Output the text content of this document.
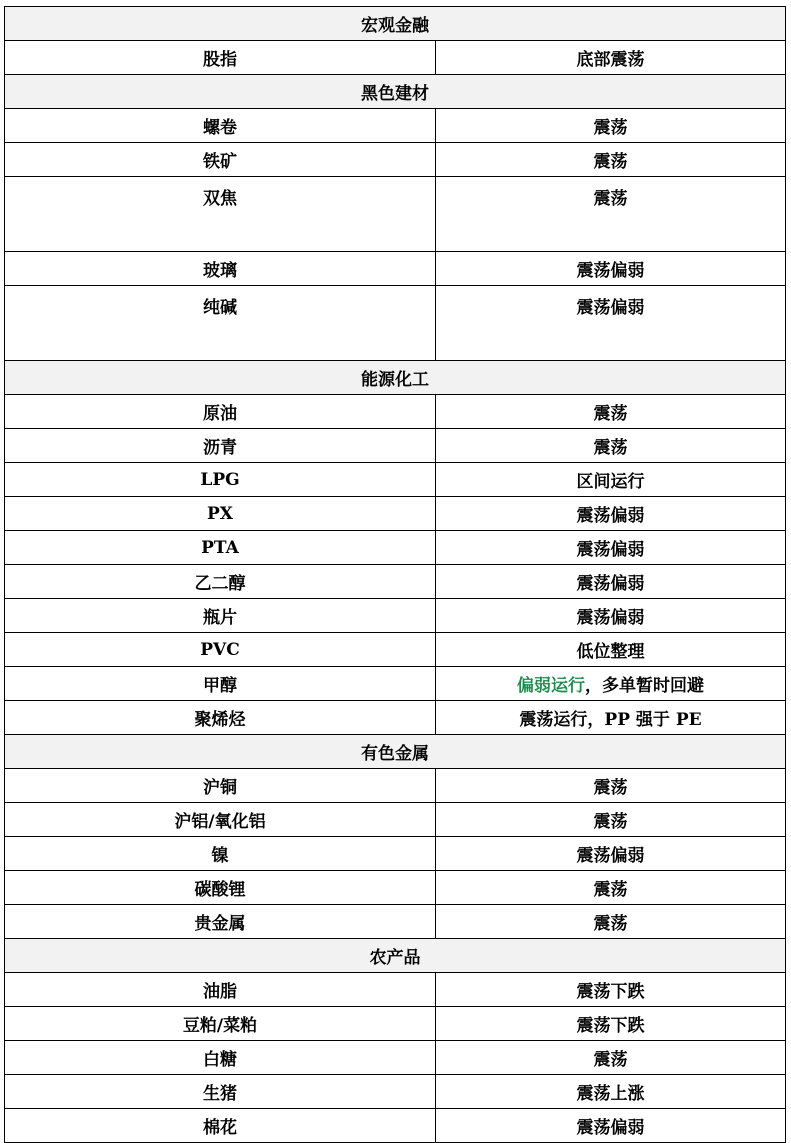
宏观金融	
股指	底部震荡
黑色建材	
螺卷	震荡
铁矿	震荡
双焦	震荡
玻璃	震荡偏弱
纯碱	震荡偏弱
能源化工	
原油	震荡
沥青	震荡
LPG	区间运行
PX	震荡偏弱
PTA	震荡偏弱
乙二醇	震荡偏弱
瓶片	震荡偏弱
PVC	低位整理
甲醇	偏弱运行，多单暂时回避
聚烯烃	震荡运行，PP 强于 PE
有色金属	
沪铜	震荡
沪铝/氧化铝	震荡
镍	震荡偏弱
碳酸锂	震荡
贵金属	震荡
农产品	
油脂	震荡下跌
豆粕/菜粕	震荡下跌
白糖	震荡
生猪	震荡上涨
棉花	震荡偏弱
